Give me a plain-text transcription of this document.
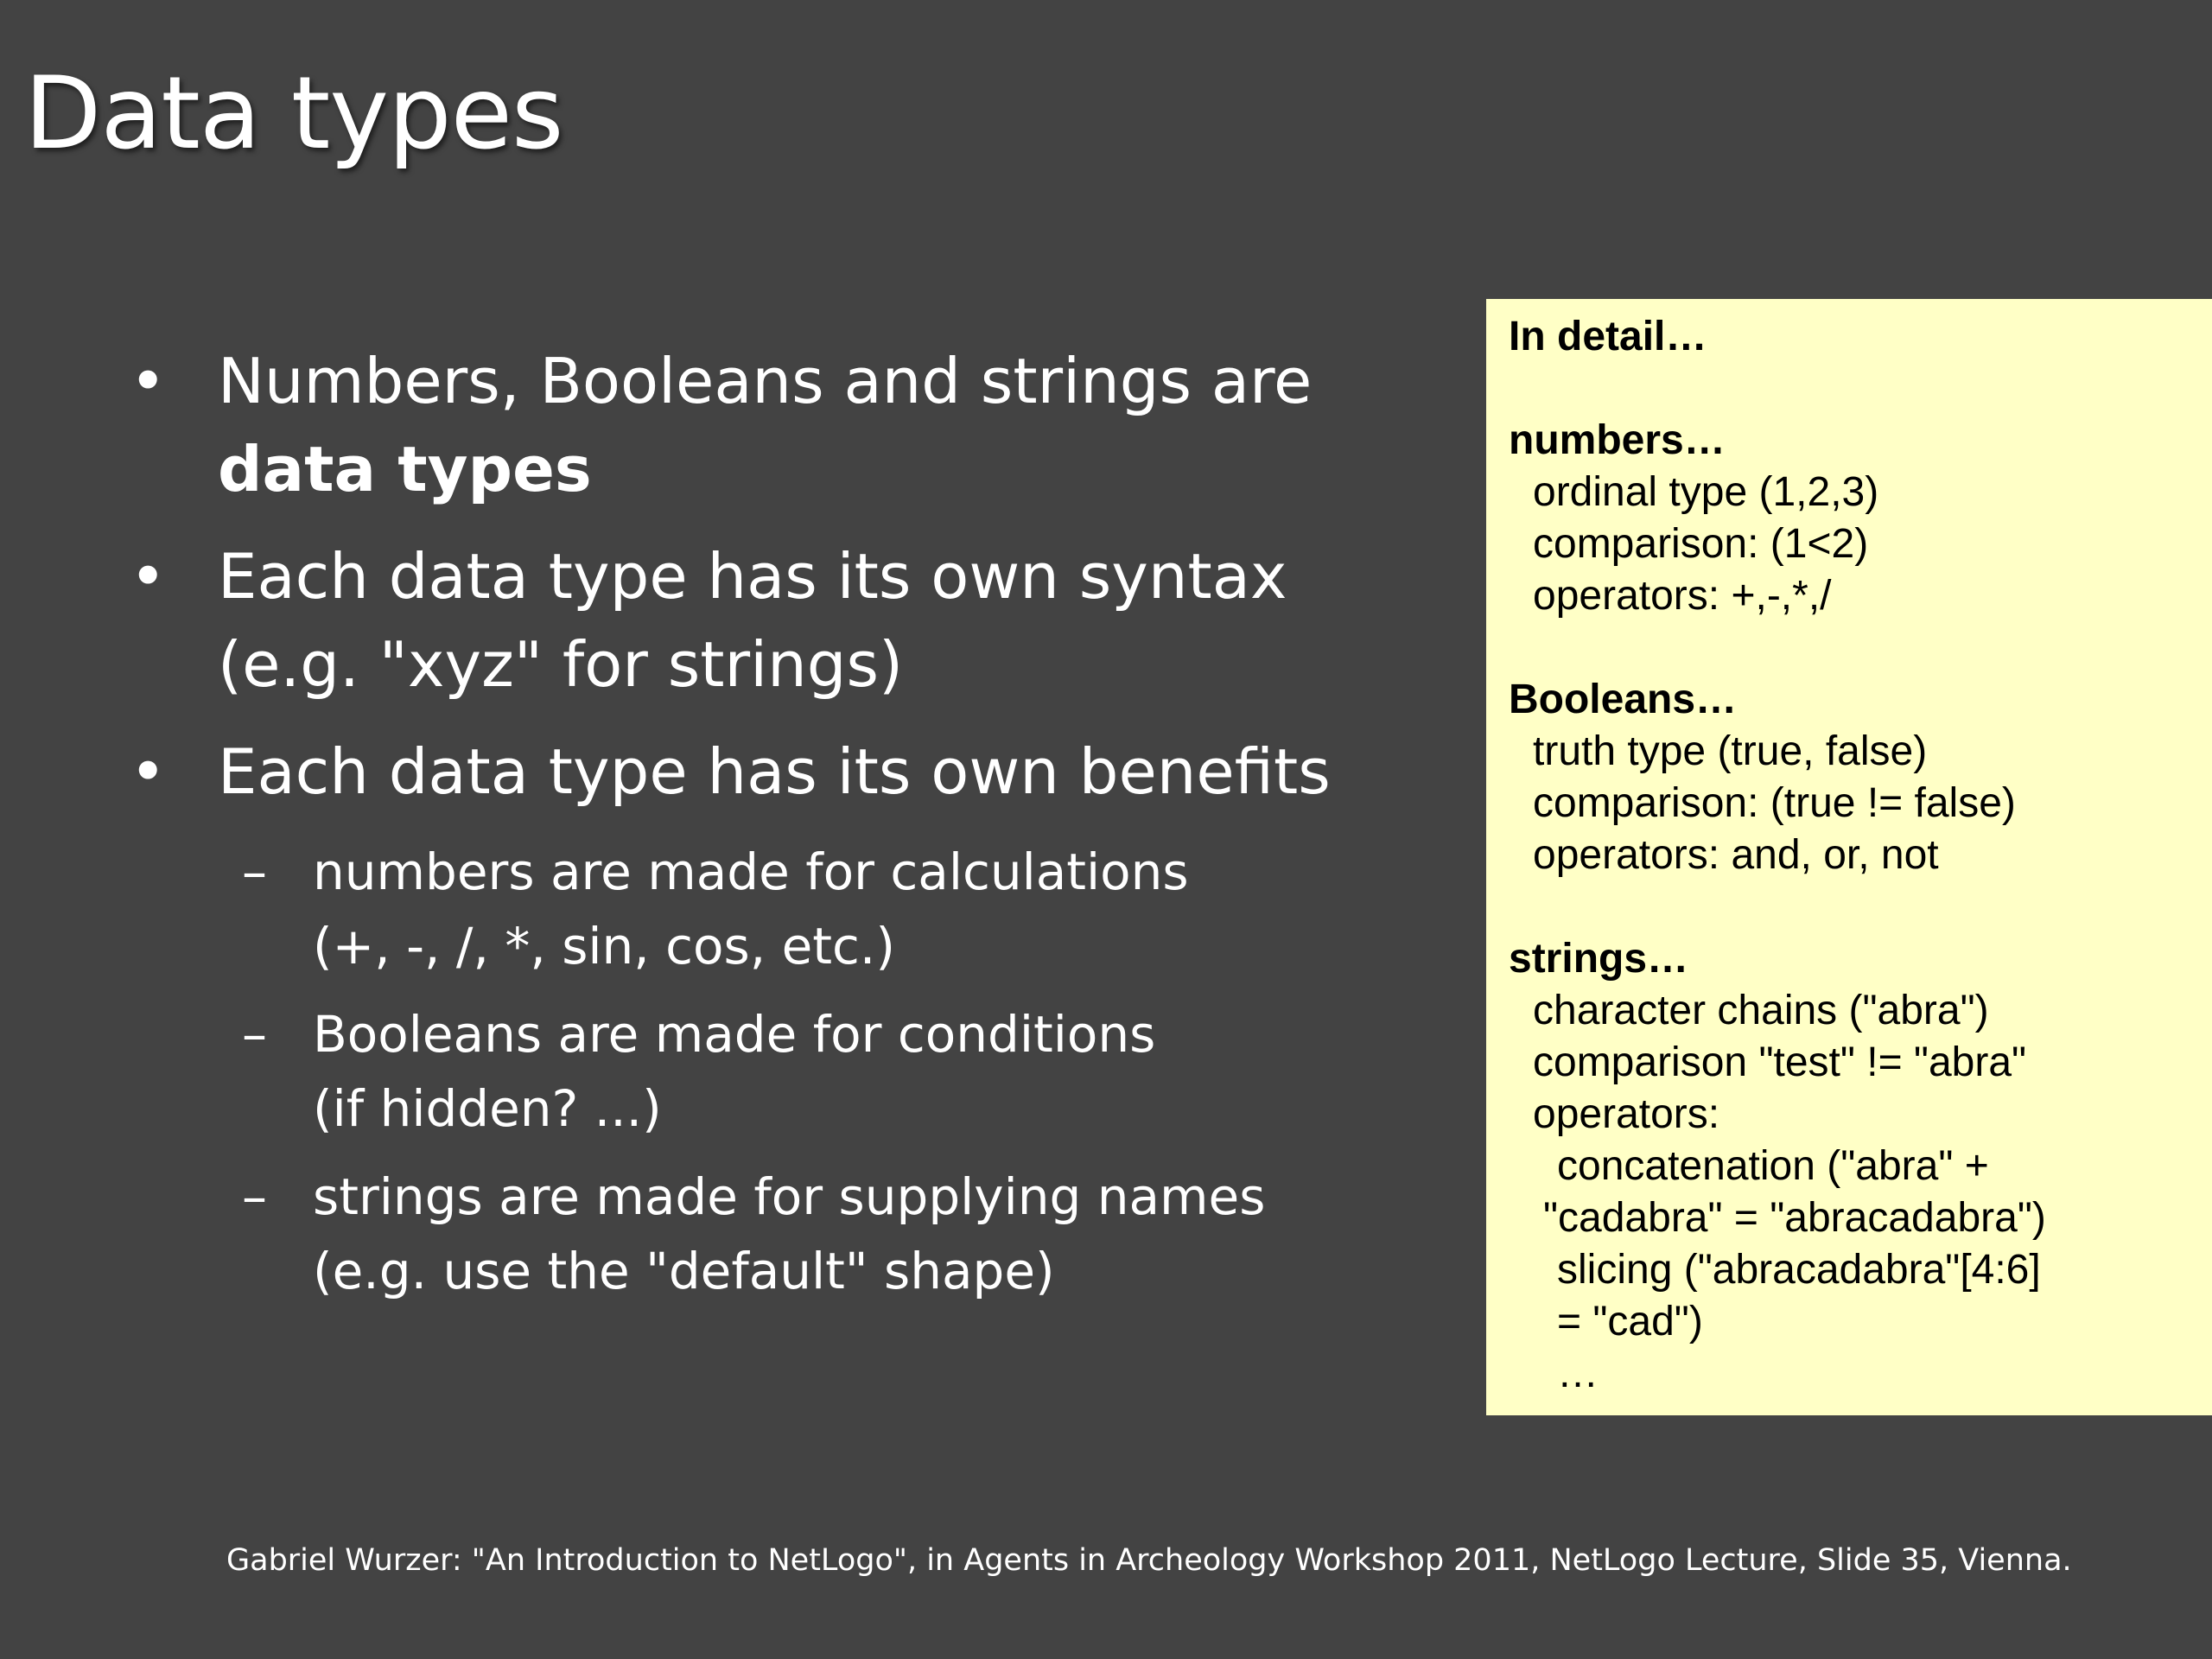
Data types
• Numbers, Booleans and strings are
data types
• Each data type has its own syntax
(e.g. "xyz" for strings)
• Each data type has its own benefits
– numbers are made for calculations
(+, -, /, *, sin, cos, etc.)
– Booleans are made for conditions
(if hidden? ...)
– strings are made for supplying names
(e.g. use the "default" shape)
In detail…
numbers…
ordinal type (1,2,3)
comparison: (1<2)
operators: +,-,*,/
Booleans…
truth type (true, false)
comparison: (true != false)
operators: and, or, not
strings…
character chains ("abra")
comparison "test" != "abra"
operators:
concatenation ("abra" +
"cadabra" = "abracadabra")
slicing ("abracadabra"[4:6]
= "cad")
…
Gabriel Wurzer: "An Introduction to NetLogo", in Agents in Archeology Workshop 2011, NetLogo Lecture, Slide 35, Vienna.
